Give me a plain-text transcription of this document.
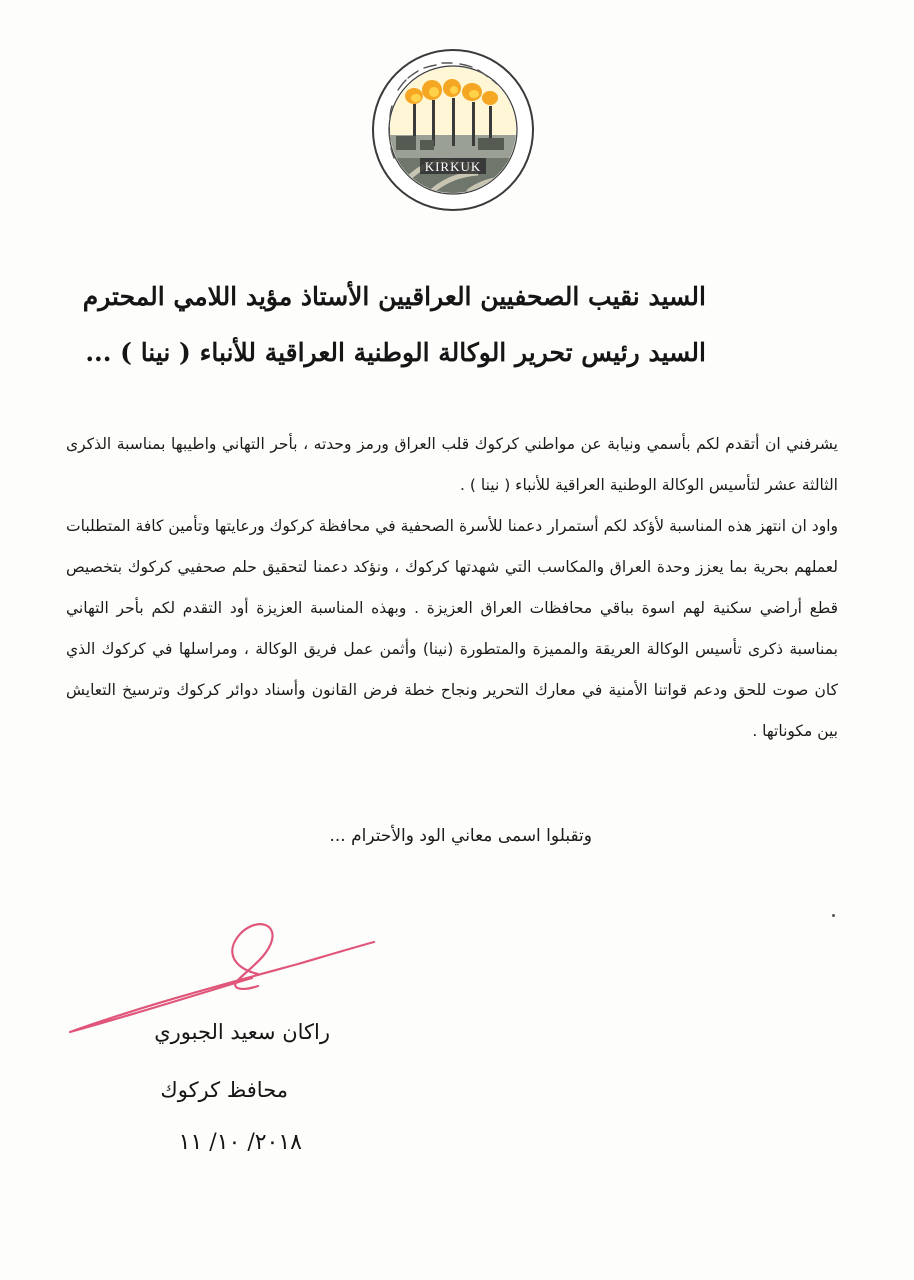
KIRKUK
السيد نقيب الصحفيين العراقيين الأستاذ مؤيد اللامي المحترم
السيد رئيس تحرير الوكالة الوطنية العراقية للأنباء ( نينا ) ...
يشرفني ان أتقدم لكم بأسمي ونيابة عن مواطني كركوك قلب العراق ورمز وحدته ، بأحر التهاني واطيبها بمناسبة الذكرى الثالثة عشر لتأسيس الوكالة الوطنية العراقية للأنباء ( نينا ) .
واود ان انتهز هذه المناسبة لأؤكد لكم أستمرار دعمنا للأسرة الصحفية في محافظة كركوك ورعايتها وتأمين كافة المتطلبات لعملهم بحرية بما يعزز وحدة العراق والمكاسب التي شهدتها كركوك ، ونؤكد دعمنا لتحقيق حلم صحفيي كركوك بتخصيص قطع أراضي سكنية لهم اسوة بباقي محافظات العراق العزيزة . وبهذه المناسبة العزيزة أود التقدم لكم بأحر التهاني بمناسبة ذكرى تأسيس الوكالة العريقة والمميزة والمتطورة (نينا) وأثمن عمل فريق الوكالة ، ومراسلها في كركوك الذي كان صوت للحق ودعم قواتنا الأمنية في معارك التحرير ونجاح خطة فرض القانون وأسناد دوائر كركوك وترسيخ التعايش بين مكوناتها .
وتقبلوا اسمى معاني الود والأحترام ...
راكان سعيد الجبوري
محافظ كركوك
٢٠١٨/ ١٠/ ١١
